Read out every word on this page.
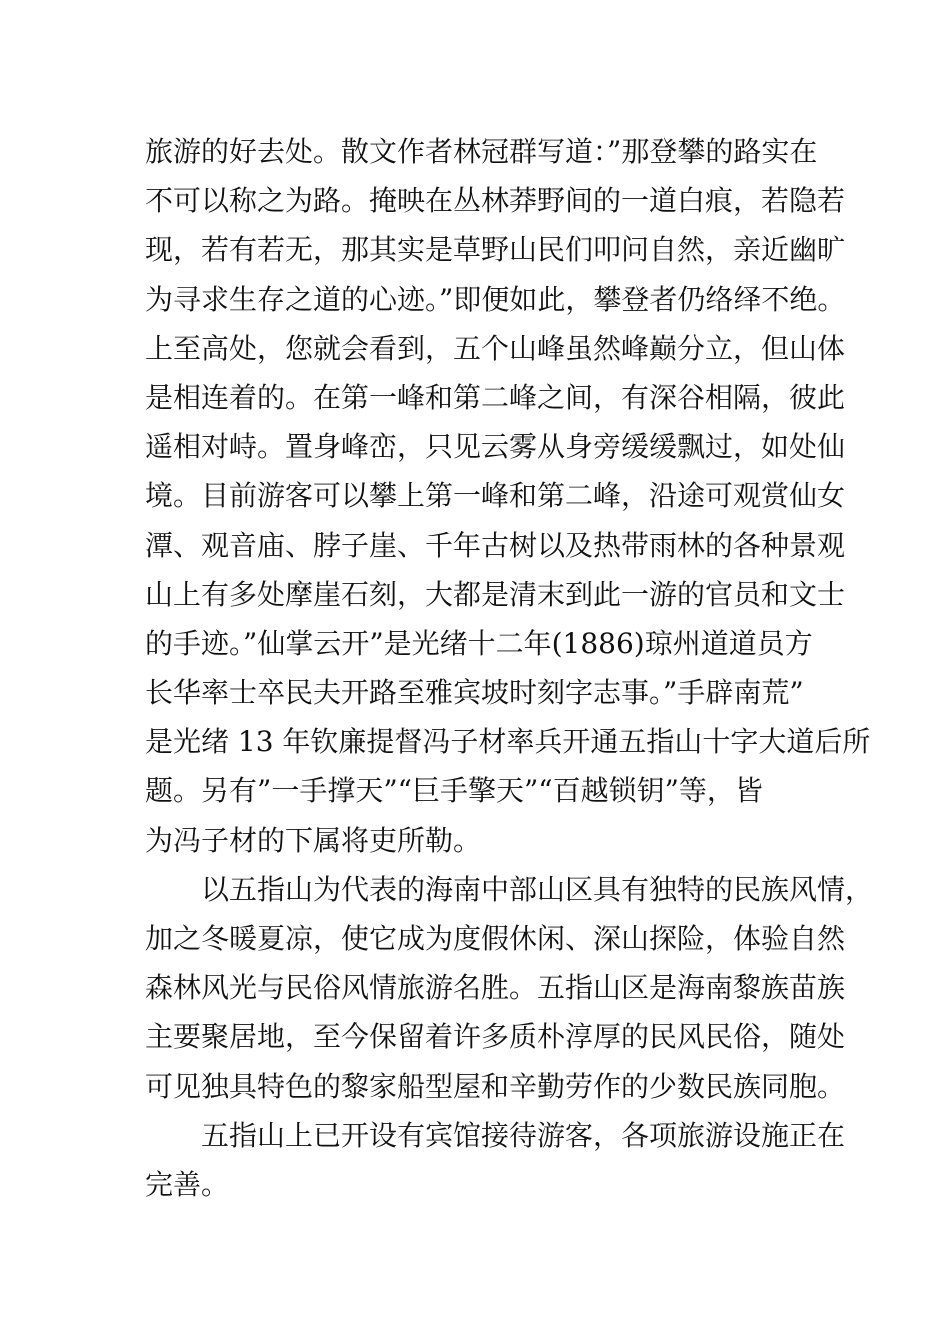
旅游的好去处。散文作者林冠群写道：”那登攀的路实在
不可以称之为路。掩映在丛林莽野间的一道白痕，若隐若
现，若有若无，那其实是草野山民们叩问自然，亲近幽旷
为寻求生存之道的心迹。”即便如此，攀登者仍络绎不绝。
上至高处，您就会看到，五个山峰虽然峰巅分立，但山体
是相连着的。在第一峰和第二峰之间，有深谷相隔，彼此
遥相对峙。置身峰峦，只见云雾从身旁缓缓飘过，如处仙
境。目前游客可以攀上第一峰和第二峰，沿途可观赏仙女
潭、观音庙、脖子崖、千年古树以及热带雨林的各种景观
山上有多处摩崖石刻，大都是清末到此一游的官员和文士
的手迹。”仙掌云开”是光绪十二年(1886)琼州道道员方
长华率士卒民夫开路至雅宾坡时刻字志事。”手辟南荒”
是光绪 13 年钦廉提督冯子材率兵开通五指山十字大道后所
题。另有”一手撑天”“巨手擎天”“百越锁钥”等，皆
为冯子材的下属将吏所勒。
　　以五指山为代表的海南中部山区具有独特的民族风情，
加之冬暖夏凉，使它成为度假休闲、深山探险，体验自然
森林风光与民俗风情旅游名胜。五指山区是海南黎族苗族
主要聚居地，至今保留着许多质朴淳厚的民风民俗，随处
可见独具特色的黎家船型屋和辛勤劳作的少数民族同胞。
　　五指山上已开设有宾馆接待游客，各项旅游设施正在
完善。
